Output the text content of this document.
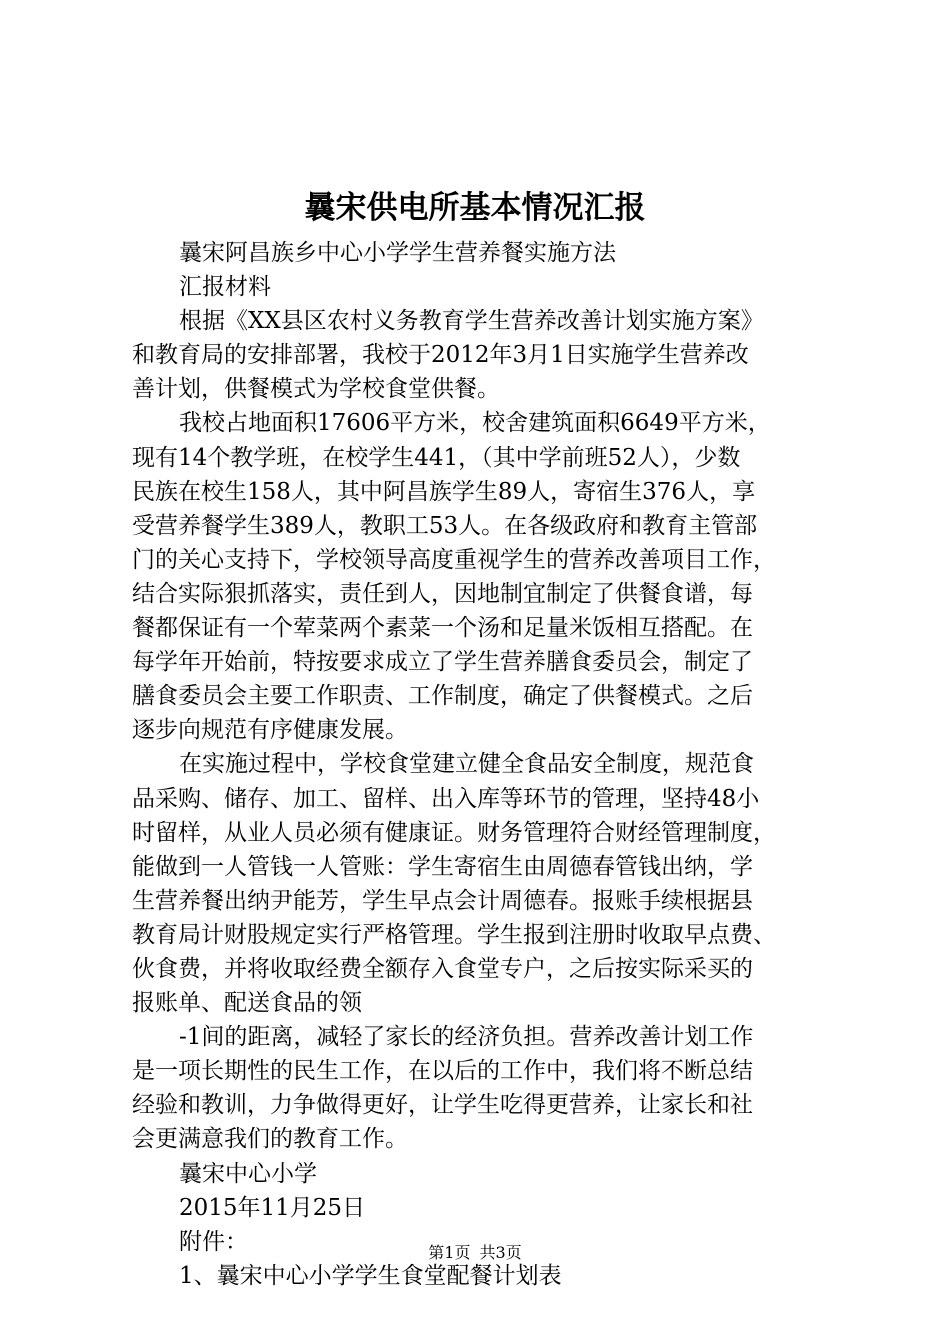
曩宋供电所基本情况汇报
曩宋阿昌族乡中心小学学生营养餐实施方法
汇报材料
根据《XX县区农村义务教育学生营养改善计划实施方案》
和教育局的安排部署，我校于2012年3月1日实施学生营养改
善计划，供餐模式为学校食堂供餐。
我校占地面积17606平方米，校舍建筑面积6649平方米，
现有14个教学班，在校学生441，（其中学前班52人），少数
民族在校生158人，其中阿昌族学生89人，寄宿生376人，享
受营养餐学生389人，教职工53人。在各级政府和教育主管部
门的关心支持下，学校领导高度重视学生的营养改善项目工作，
结合实际狠抓落实，责任到人，因地制宜制定了供餐食谱，每
餐都保证有一个荤菜两个素菜一个汤和足量米饭相互搭配。在
每学年开始前，特按要求成立了学生营养膳食委员会，制定了
膳食委员会主要工作职责、工作制度，确定了供餐模式。之后
逐步向规范有序健康发展。
在实施过程中，学校食堂建立健全食品安全制度，规范食
品采购、储存、加工、留样、出入库等环节的管理，坚持48小
时留样，从业人员必须有健康证。财务管理符合财经管理制度，
能做到一人管钱一人管账：学生寄宿生由周德春管钱出纳，学
生营养餐出纳尹能芳，学生早点会计周德春。报账手续根据县
教育局计财股规定实行严格管理。学生报到注册时收取早点费、
伙食费，并将收取经费全额存入食堂专户，之后按实际采买的
报账单、配送食品的领
-1间的距离，减轻了家长的经济负担。营养改善计划工作
是一项长期性的民生工作，在以后的工作中，我们将不断总结
经验和教训，力争做得更好，让学生吃得更营养，让家长和社
会更满意我们的教育工作。
曩宋中心小学
2015年11月25日
附件：
1、曩宋中心小学学生食堂配餐计划表
第1页 共3页
